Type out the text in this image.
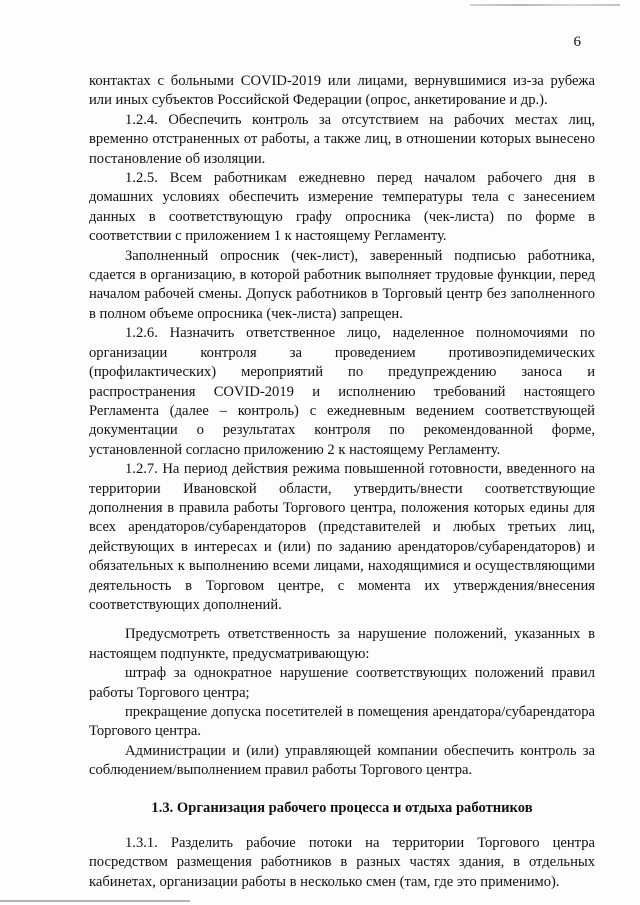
6

контактах с больными COVID-2019 или лицами, вернувшимися из-за рубежа или иных субъектов Российской Федерации (опрос, анкетирование и др.).

1.2.4. Обеспечить контроль за отсутствием на рабочих местах лиц, временно отстраненных от работы, а также лиц, в отношении которых вынесено постановление об изоляции.

1.2.5. Всем работникам ежедневно перед началом рабочего дня в домашних условиях обеспечить измерение температуры тела с занесением данных в соответствующую графу опросника (чек-листа) по форме в соответствии с приложением 1 к настоящему Регламенту.

Заполненный опросник (чек-лист), заверенный подписью работника, сдается в организацию, в которой работник выполняет трудовые функции, перед началом рабочей смены. Допуск работников в Торговый центр без заполненного в полном объеме опросника (чек-листа) запрещен.

1.2.6. Назначить ответственное лицо, наделенное полномочиями по организации контроля за проведением противоэпидемических (профилактических) мероприятий по предупреждению заноса и распространения COVID-2019 и исполнению требований настоящего Регламента (далее – контроль) с ежедневным ведением соответствующей документации о результатах контроля по рекомендованной форме, установленной согласно приложению 2 к настоящему Регламенту.

1.2.7. На период действия режима повышенной готовности, введенного на территории Ивановской области, утвердить/внести соответствующие дополнения в правила работы Торгового центра, положения которых едины для всех арендаторов/субарендаторов (представителей и любых третьих лиц, действующих в интересах и (или) по заданию арендаторов/субарендаторов) и обязательных к выполнению всеми лицами, находящимися и осуществляющими деятельность в Торговом центре, с момента их утверждения/внесения соответствующих дополнений.

Предусмотреть ответственность за нарушение положений, указанных в настоящем подпункте, предусматривающую:

штраф за однократное нарушение соответствующих положений правил работы Торгового центра;

прекращение допуска посетителей в помещения арендатора/субарендатора Торгового центра.

Администрации и (или) управляющей компании обеспечить контроль за соблюдением/выполнением правил работы Торгового центра.

1.3. Организация рабочего процесса и отдыха работников

1.3.1. Разделить рабочие потоки на территории Торгового центра посредством размещения работников в разных частях здания, в отдельных кабинетах, организации работы в несколько смен (там, где это применимо).
